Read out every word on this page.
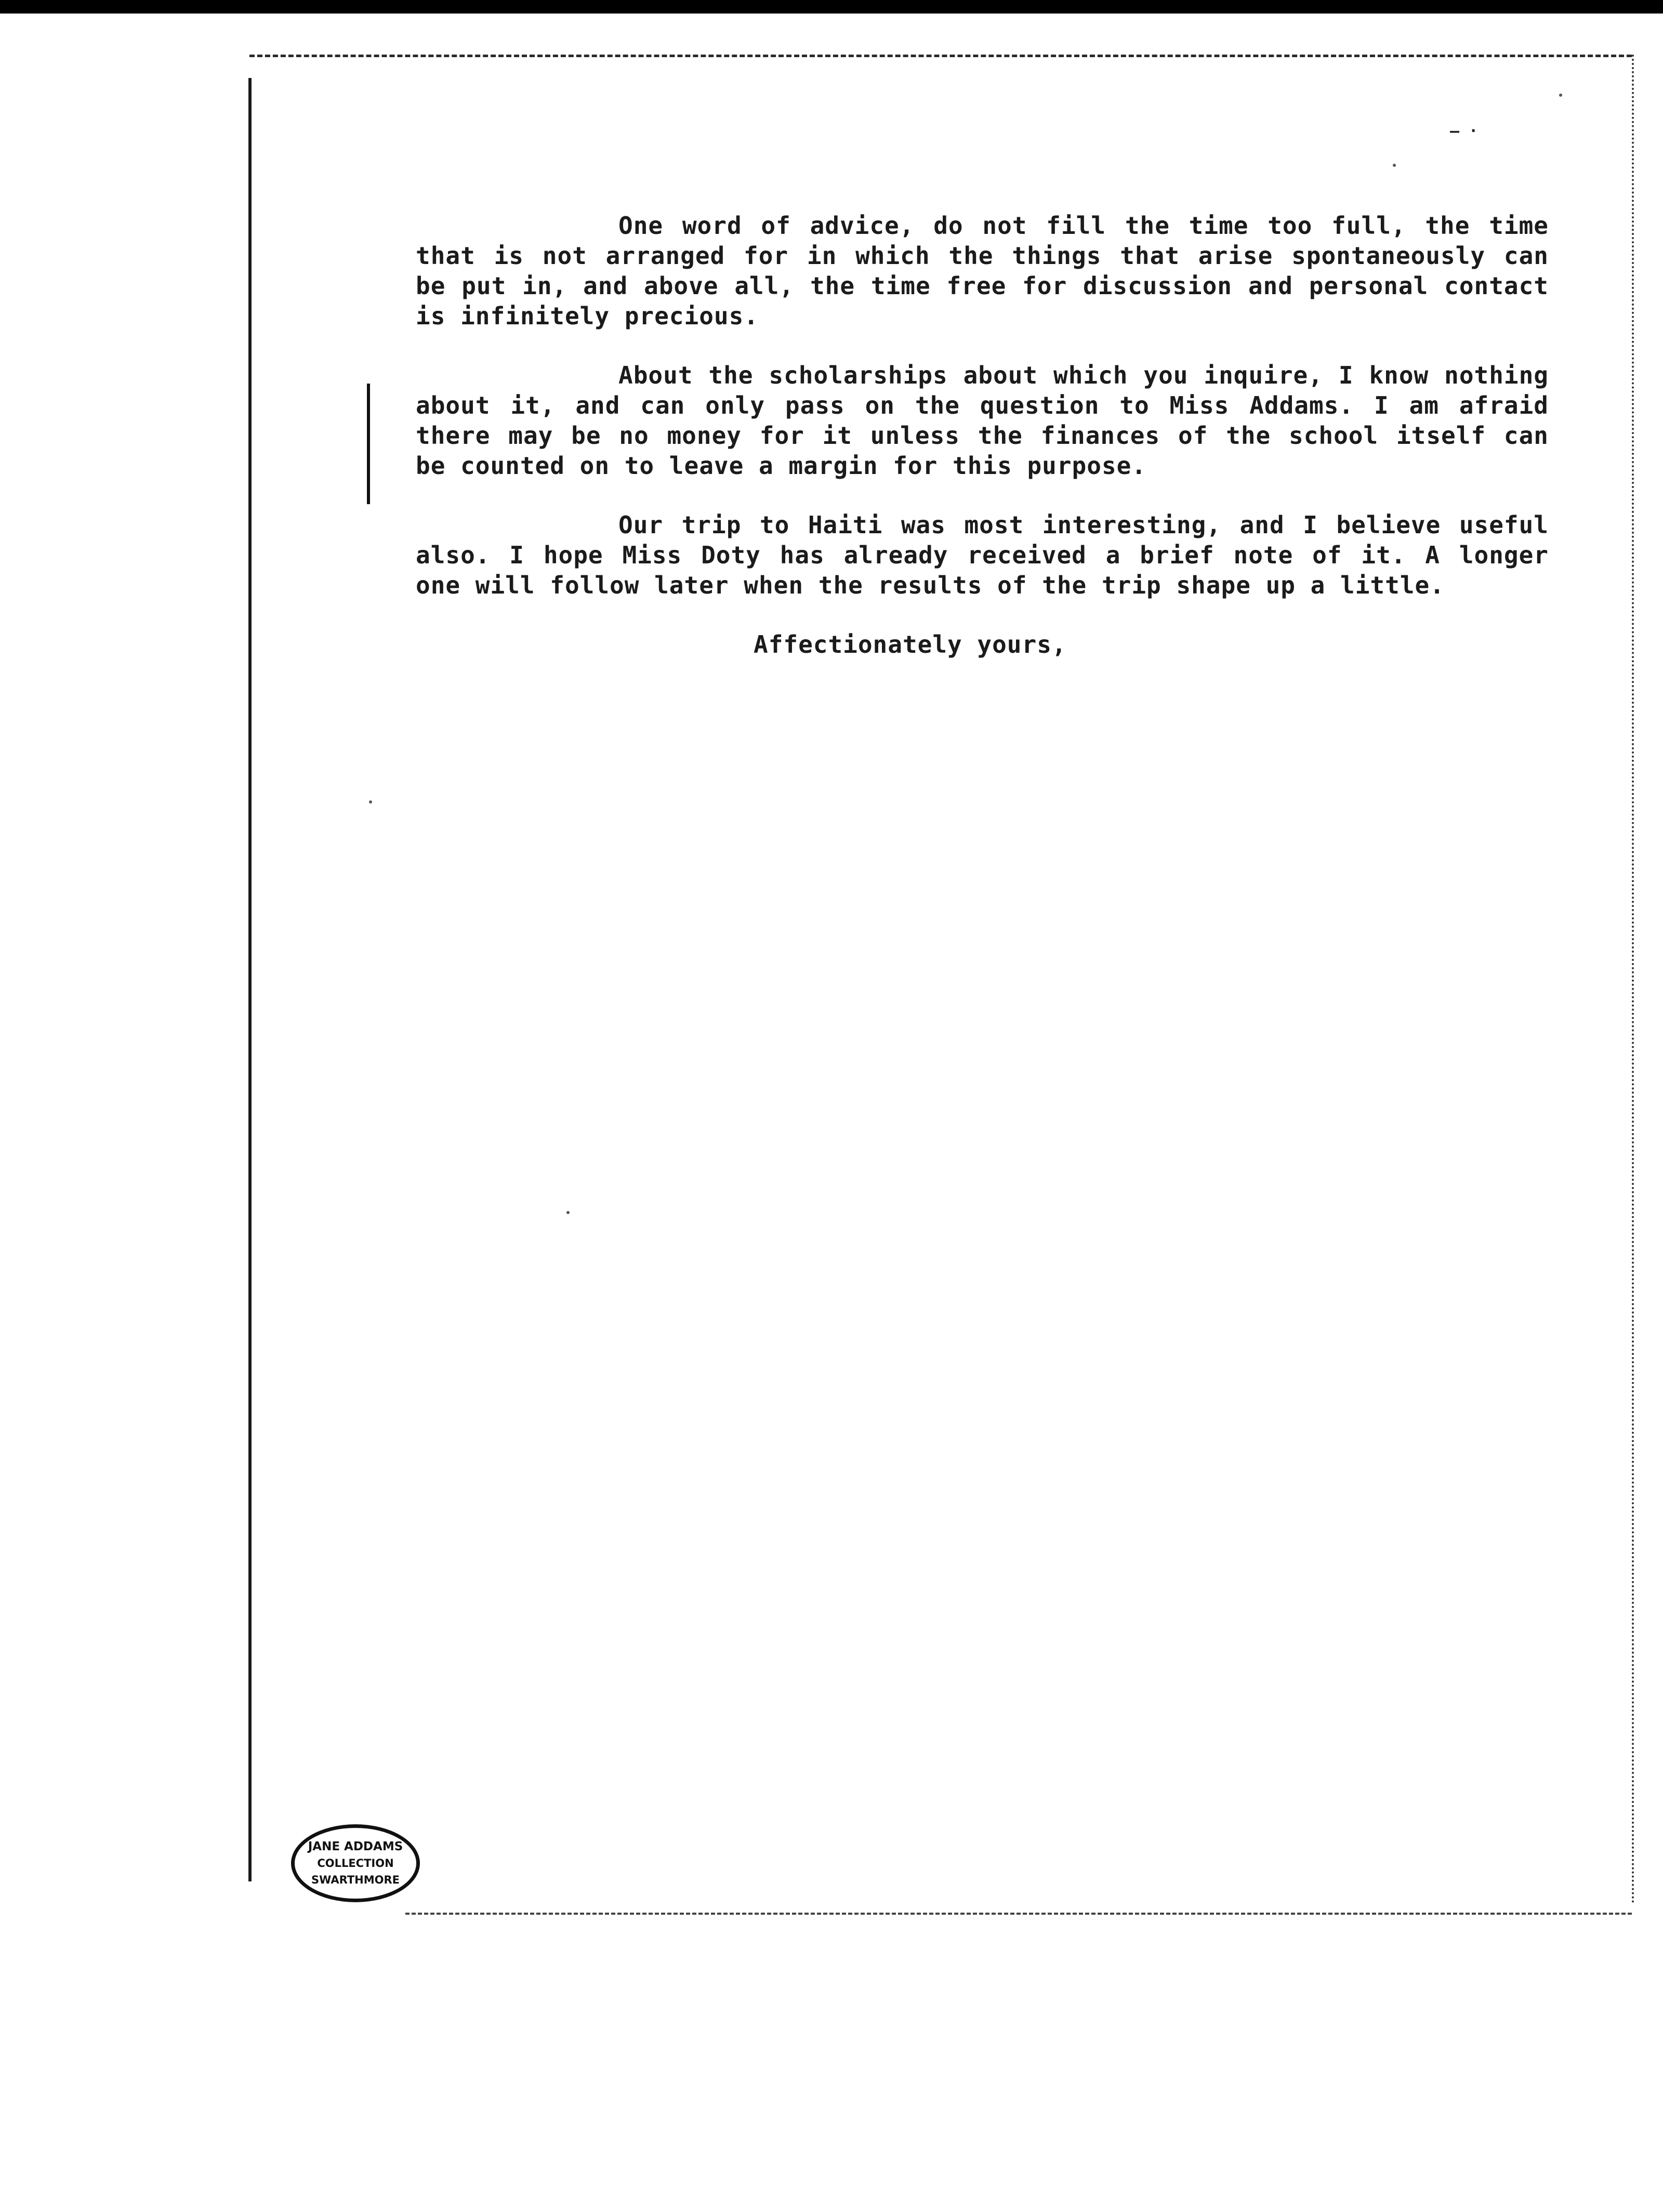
– ·

One word of advice, do not fill the time too full, the time that is not arranged for in which the things that arise spontaneously can be put in, and above all, the time free for discussion and personal contact is infinitely precious.

About the scholarships about which you inquire, I know nothing about it, and can only pass on the question to Miss Addams. I am afraid there may be no money for it unless the finances of the school itself can be counted on to leave a margin for this purpose.

Our trip to Haiti was most interesting, and I believe useful also. I hope Miss Doty has already received a brief note of it. A longer one will follow later when the results of the trip shape up a little.

Affectionately yours,

JANE ADDAMS
COLLECTION
SWARTHMORE
